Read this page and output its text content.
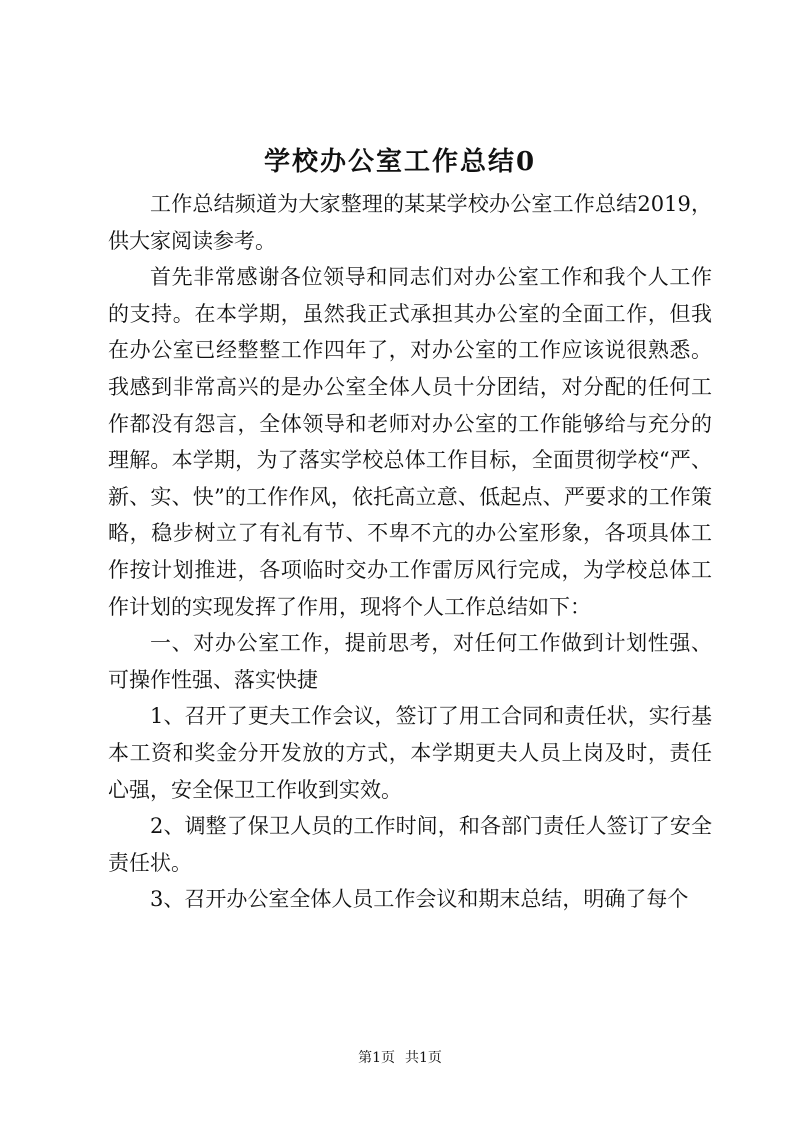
学校办公室工作总结0

工作总结频道为大家整理的某某学校办公室工作总结2019，供大家阅读参考。

首先非常感谢各位领导和同志们对办公室工作和我个人工作的支持。在本学期，虽然我正式承担其办公室的全面工作，但我在办公室已经整整工作四年了，对办公室的工作应该说很熟悉。我感到非常高兴的是办公室全体人员十分团结，对分配的任何工作都没有怨言，全体领导和老师对办公室的工作能够给与充分的理解。本学期，为了落实学校总体工作目标，全面贯彻学校“严、新、实、快”的工作作风，依托高立意、低起点、严要求的工作策略，稳步树立了有礼有节、不卑不亢的办公室形象，各项具体工作按计划推进，各项临时交办工作雷厉风行完成，为学校总体工作计划的实现发挥了作用，现将个人工作总结如下：

一、对办公室工作，提前思考，对任何工作做到计划性强、可操作性强、落实快捷

1、召开了更夫工作会议，签订了用工合同和责任状，实行基本工资和奖金分开发放的方式，本学期更夫人员上岗及时，责任心强，安全保卫工作收到实效。

2、调整了保卫人员的工作时间，和各部门责任人签订了安全责任状。

3、召开办公室全体人员工作会议和期末总结，明确了每个

第1页 共1页
